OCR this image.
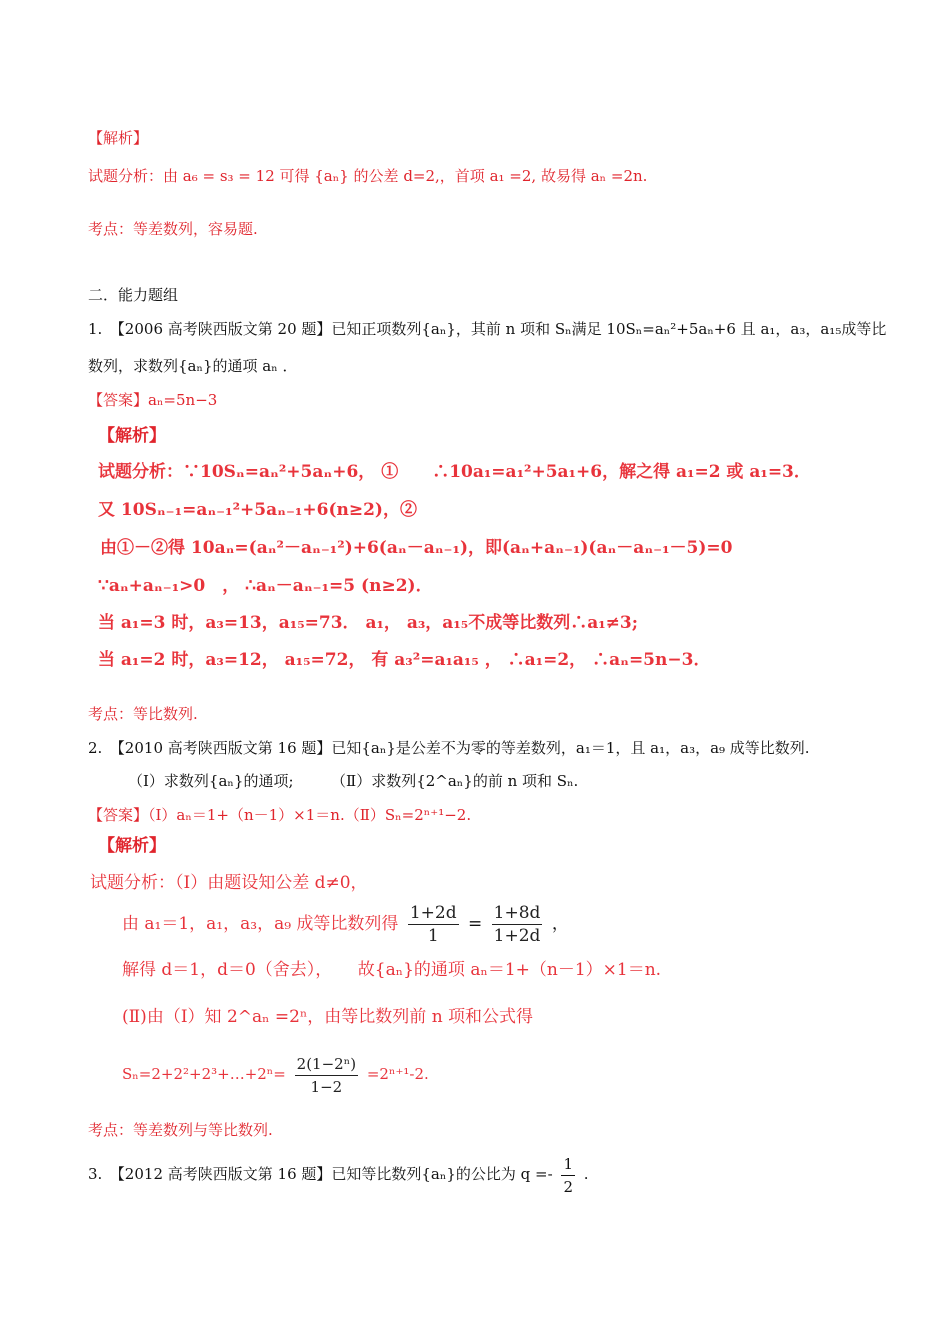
【解析】
试题分析：由 a₆ = s₃ = 12 可得 {aₙ} 的公差 d=2,，首项 a₁ =2, 故易得 aₙ =2n.
考点：等差数列，容易题.
二．能力题组
1.　【2006 高考陕西版文第 20 题】已知正项数列{aₙ}，其前 n 项和 Sₙ满足 10Sₙ=aₙ²+5aₙ+6 且 a₁，a₃，a₁₅成等比
数列，求数列{aₙ}的通项 aₙ ．
【答案】aₙ=5n−3
【解析】
试题分析：∵10Sₙ=aₙ²+5aₙ+6， ①　　∴10a₁=a₁²+5a₁+6，解之得 a₁=2 或 a₁=3．
又 10Sₙ₋₁=aₙ₋₁²+5aₙ₋₁+6(n≥2)，②
由①－②得 10aₙ=(aₙ²－aₙ₋₁²)+6(aₙ－aₙ₋₁)，即(aₙ+aₙ₋₁)(aₙ－aₙ₋₁－5)=0
∵aₙ+aₙ₋₁>0　， ∴aₙ－aₙ₋₁=5 (n≥2)．
当 a₁=3 时，a₃=13，a₁₅=73． a₁， a₃，a₁₅不成等比数列∴a₁≠3;
当 a₁=2 时，a₃=12， a₁₅=72， 有 a₃²=a₁a₁₅ ， ∴a₁=2， ∴aₙ=5n−3．
考点：等比数列.
2.　【2010 高考陕西版文第 16 题】已知{aₙ}是公差不为零的等差数列，a₁＝1，且 a₁，a₃，a₉ 成等比数列.
（Ⅰ）求数列{aₙ}的通项;　　　（Ⅱ）求数列{2^aₙ}的前 n 项和 Sₙ.
【答案】（Ⅰ）aₙ＝1+（n－1）×1＝n.（Ⅱ）Sₙ=2ⁿ⁺¹−2.
【解析】
试题分析：（Ⅰ）由题设知公差 d≠0，
由 a₁＝1，a₁，a₃，a₉ 成等比数列得 $\frac{1+2d}{1} = \frac{1+8d}{1+2d}$ ，
解得 d＝1，d＝0（舍去），　　故{aₙ}的通项 aₙ＝1+（n－1）×1＝n.
(Ⅱ)由（Ⅰ）知 2^aₙ =2ⁿ，由等比数列前 n 项和公式得
Sₙ=2+2²+2³+…+2ⁿ= $\frac{\text{2(1−2ⁿ)}}{1-2} =2^{n+1}-2$.
考点：等差数列与等比数列.
3.　【2012 高考陕西版文第 16 题】已知等比数列{aₙ}的公比为 $q =- \frac{1}{2}$ .
